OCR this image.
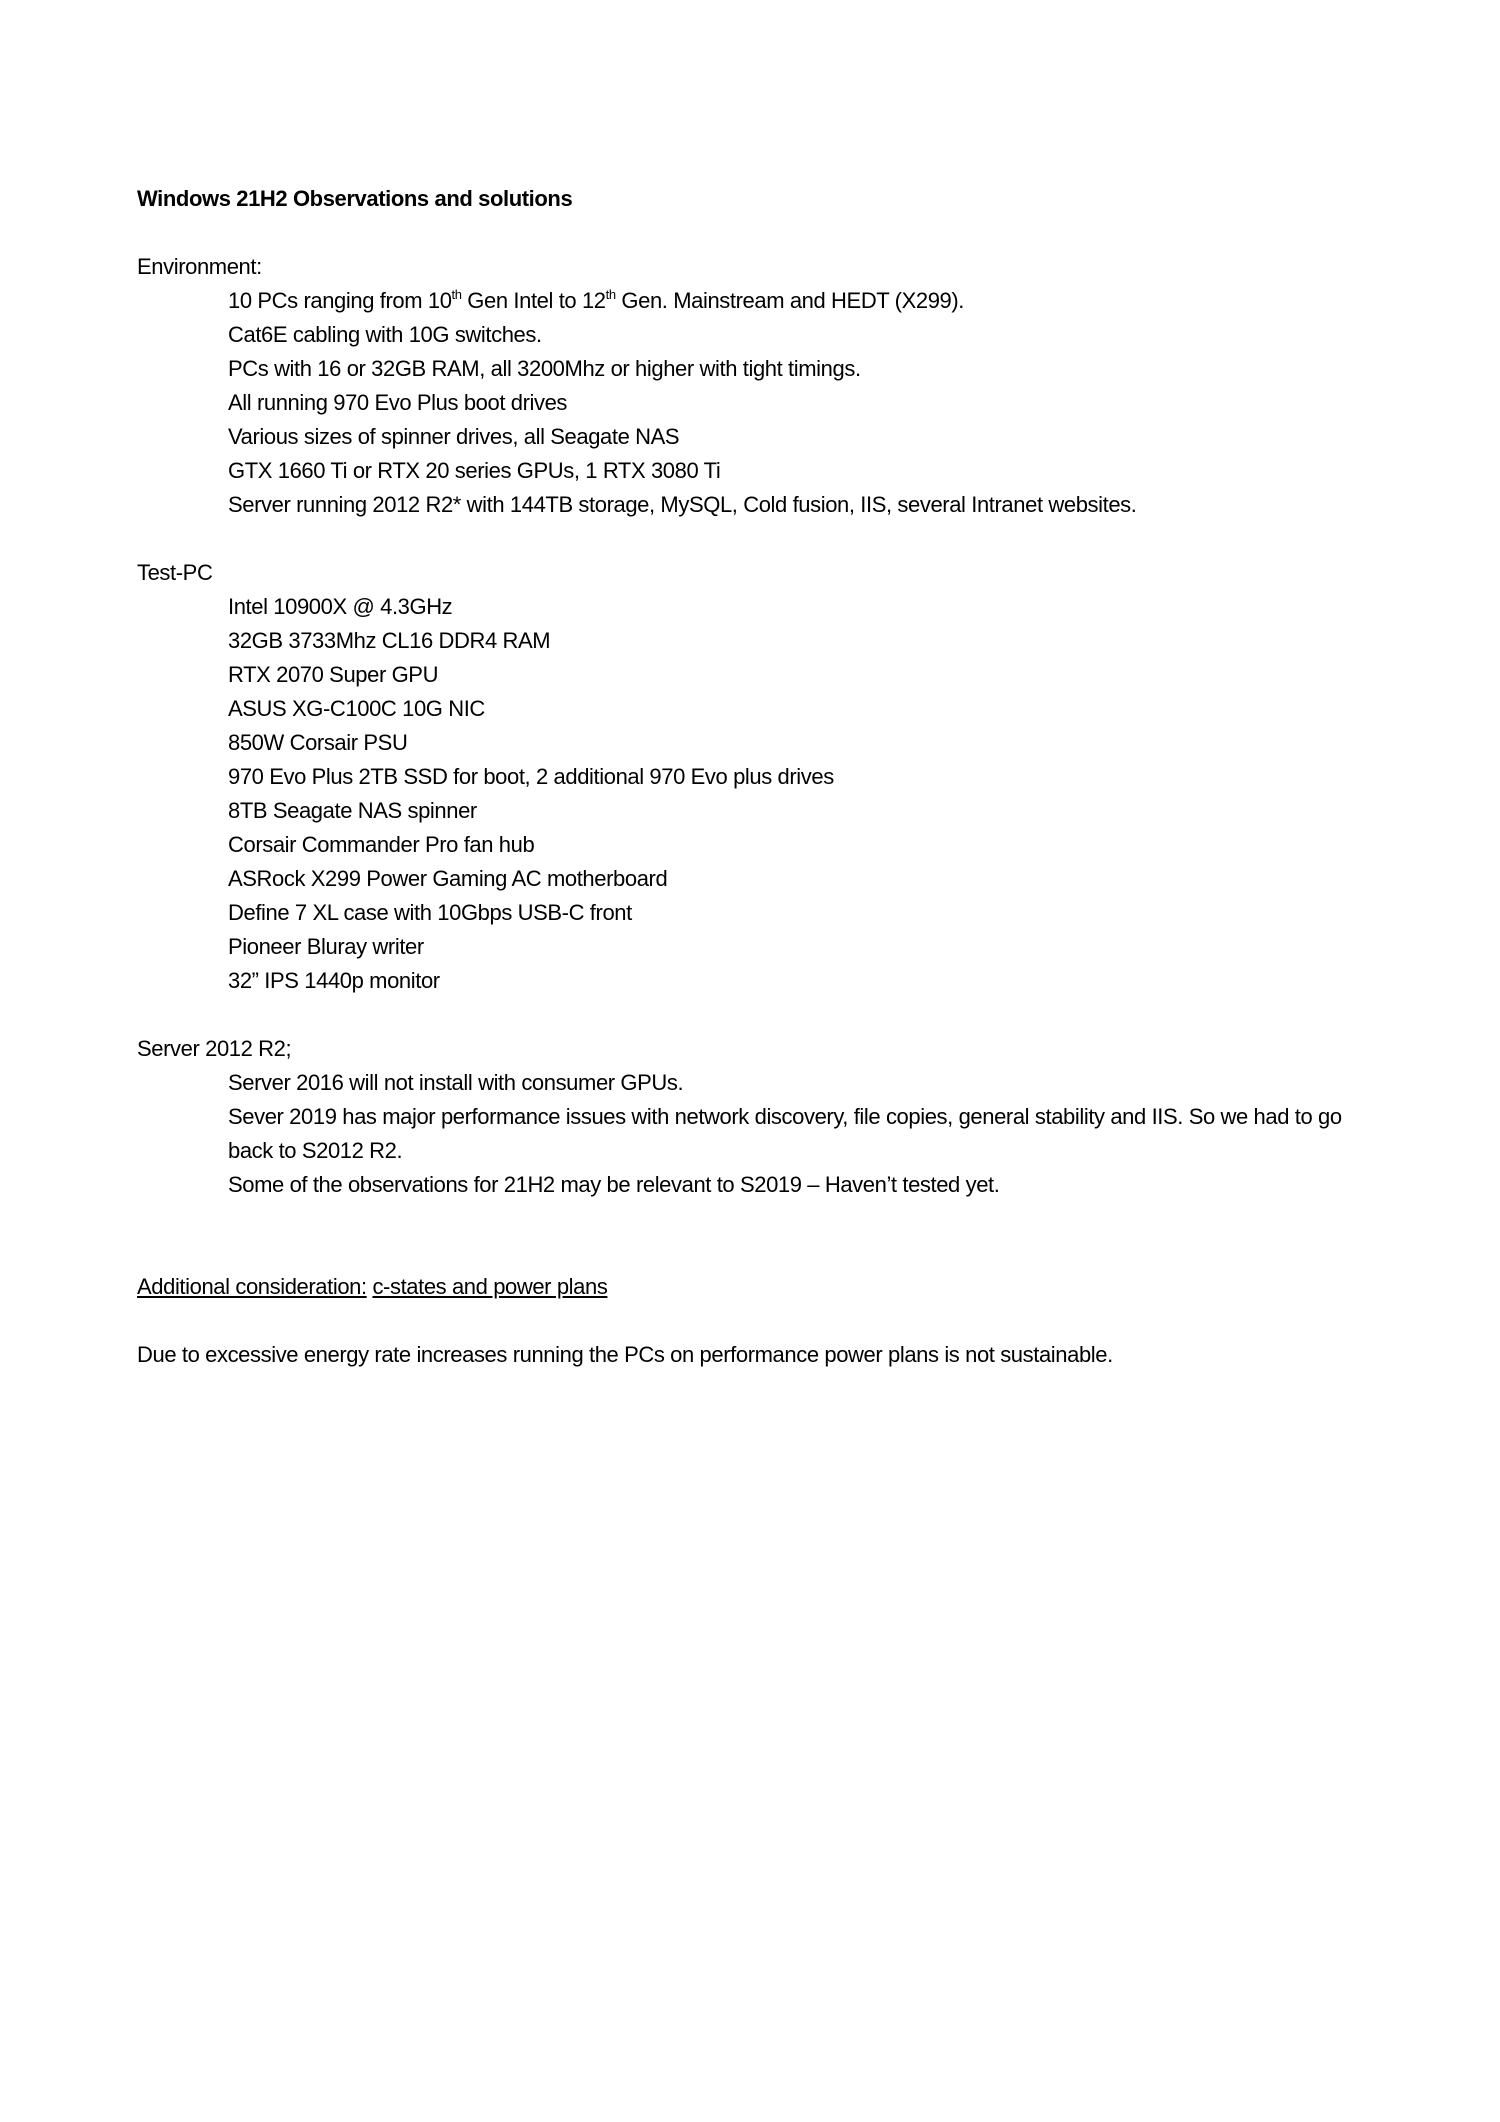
Windows 21H2 Observations and solutions
Environment:
10 PCs ranging from 10th Gen Intel to 12th Gen. Mainstream and HEDT (X299).
Cat6E cabling with 10G switches.
PCs with 16 or 32GB RAM, all 3200Mhz or higher with tight timings.
All running 970 Evo Plus boot drives
Various sizes of spinner drives, all Seagate NAS
GTX 1660 Ti or RTX 20 series GPUs, 1 RTX 3080 Ti
Server running 2012 R2* with 144TB storage, MySQL, Cold fusion, IIS, several Intranet websites.
Test-PC
Intel 10900X @ 4.3GHz
32GB 3733Mhz CL16 DDR4 RAM
RTX 2070 Super GPU
ASUS XG-C100C 10G NIC
850W Corsair PSU
970 Evo Plus 2TB SSD for boot, 2 additional 970 Evo plus drives
8TB Seagate NAS spinner
Corsair Commander Pro fan hub
ASRock X299 Power Gaming AC motherboard
Define 7 XL case with 10Gbps USB-C front
Pioneer Bluray writer
32” IPS 1440p monitor
Server 2012 R2;
Server 2016 will not install with consumer GPUs.
Sever 2019 has major performance issues with network discovery, file copies, general stability and IIS. So we had to go back to S2012 R2.
Some of the observations for 21H2 may be relevant to S2019 – Haven’t tested yet.
Additional consideration: c-states and power plans
Due to excessive energy rate increases running the PCs on performance power plans is not sustainable.
